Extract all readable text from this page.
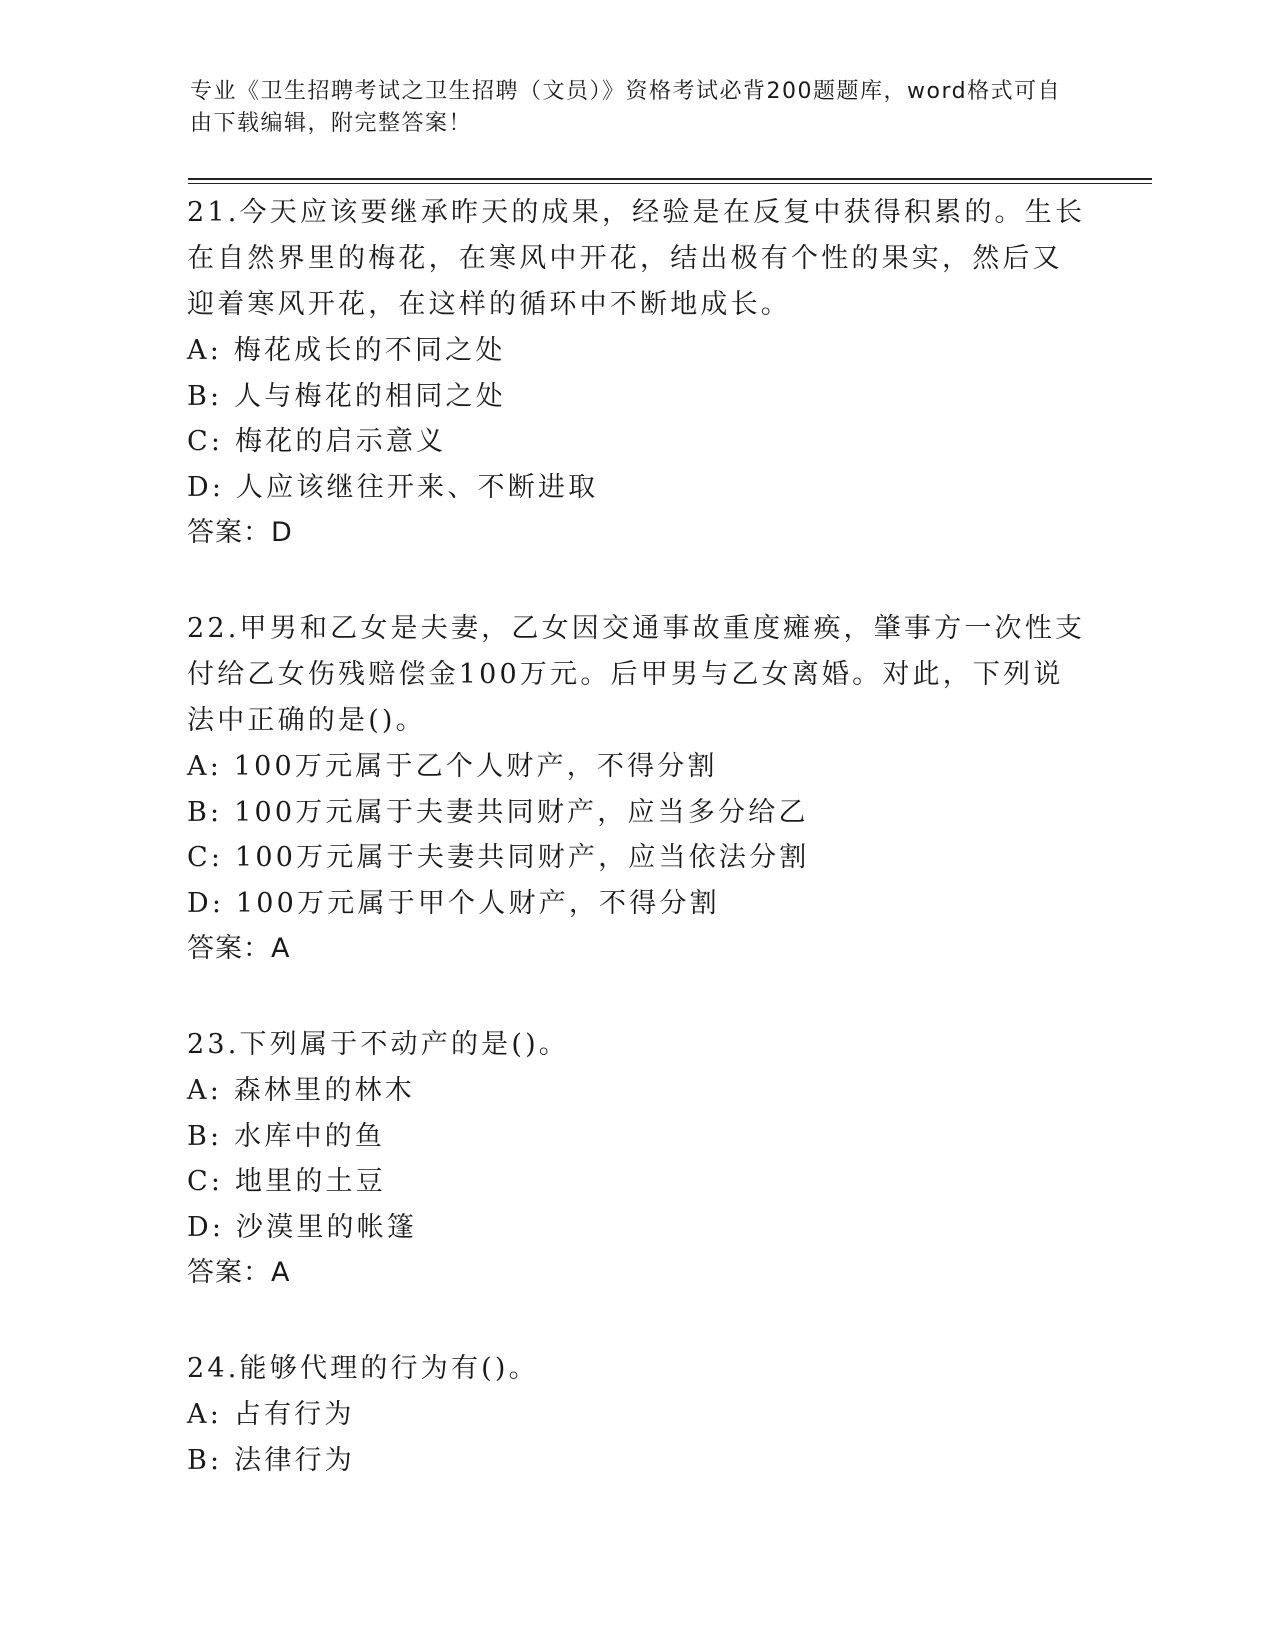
专业《卫生招聘考试之卫生招聘（文员）》资格考试必背200题题库，word格式可自由下载编辑，附完整答案！

21.今天应该要继承昨天的成果，经验是在反复中获得积累的。生长在自然界里的梅花，在寒风中开花，结出极有个性的果实，然后又迎着寒风开花，在这样的循环中不断地成长。

A: 梅花成长的不同之处

B: 人与梅花的相同之处

C: 梅花的启示意义

D: 人应该继往开来、不断进取

答案：D

22.甲男和乙女是夫妻，乙女因交通事故重度瘫痪，肇事方一次性支付给乙女伤残赔偿金100万元。后甲男与乙女离婚。对此，下列说法中正确的是()。

A: 100万元属于乙个人财产，不得分割

B: 100万元属于夫妻共同财产，应当多分给乙

C: 100万元属于夫妻共同财产，应当依法分割

D: 100万元属于甲个人财产，不得分割

答案：A

23.下列属于不动产的是()。

A: 森林里的林木

B: 水库中的鱼

C: 地里的土豆

D: 沙漠里的帐篷

答案：A

24.能够代理的行为有()。

A: 占有行为

B: 法律行为
